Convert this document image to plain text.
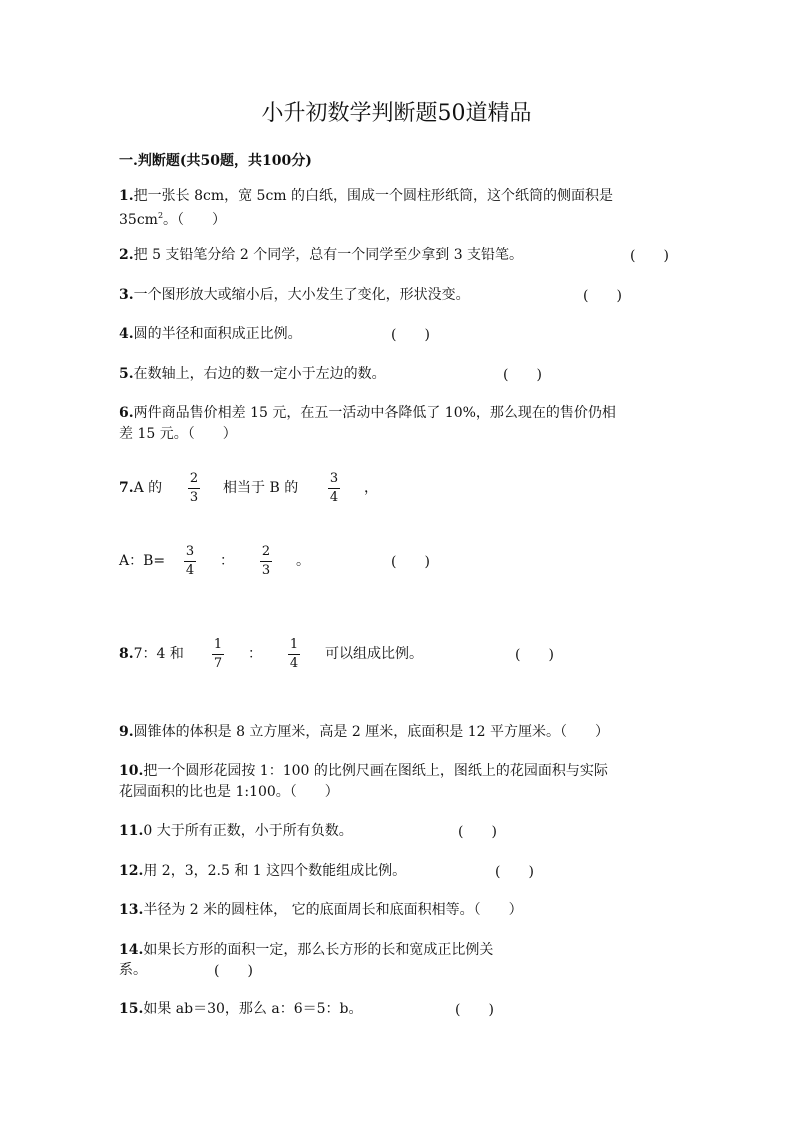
小升初数学判断题50道精品
一.判断题(共50题，共100分)
1.把一张长 8cm，宽 5cm 的白纸，围成一个圆柱形纸筒，这个纸筒的侧面积是
$35cm^2$。（　　）
2.把 5 支铅笔分给 2 个同学，总有一个同学至少拿到 3 支铅笔。	(　　)
3.一个图形放大或缩小后，大小发生了变化，形状没变。	(　　)
4.圆的半径和面积成正比例。	(　　)
5.在数轴上，右边的数一定小于左边的数。	(　　)
6.两件商品售价相差 15 元，在五一活动中各降低了 10%，那么现在的售价仍相
差 15 元。（　　）
7.A 的
2
3
相当于 B 的
3
4
，
A：B=
3
4
：
2
3
。	(　　)
8.7：4 和
1
7
：
1
4
可以组成比例。	(　　)
9.圆锥体的体积是 8 立方厘米，高是 2 厘米，底面积是 12 平方厘米。（　　）
10.把一个圆形花园按 1：100 的比例尺画在图纸上，图纸上的花园面积与实际
花园面积的比也是 1:100。（　　）
11.0 大于所有正数，小于所有负数。	(　　)
12.用 2，3，2.5 和 1 这四个数能组成比例。	(　　)
13.半径为 2 米的圆柱体， 它的底面周长和底面积相等。（　　）
14.如果长方形的面积一定，那么长方形的长和宽成正比例关
系。	(　　)
15.如果 ab＝30，那么 a：6＝5：b。	(　　)
